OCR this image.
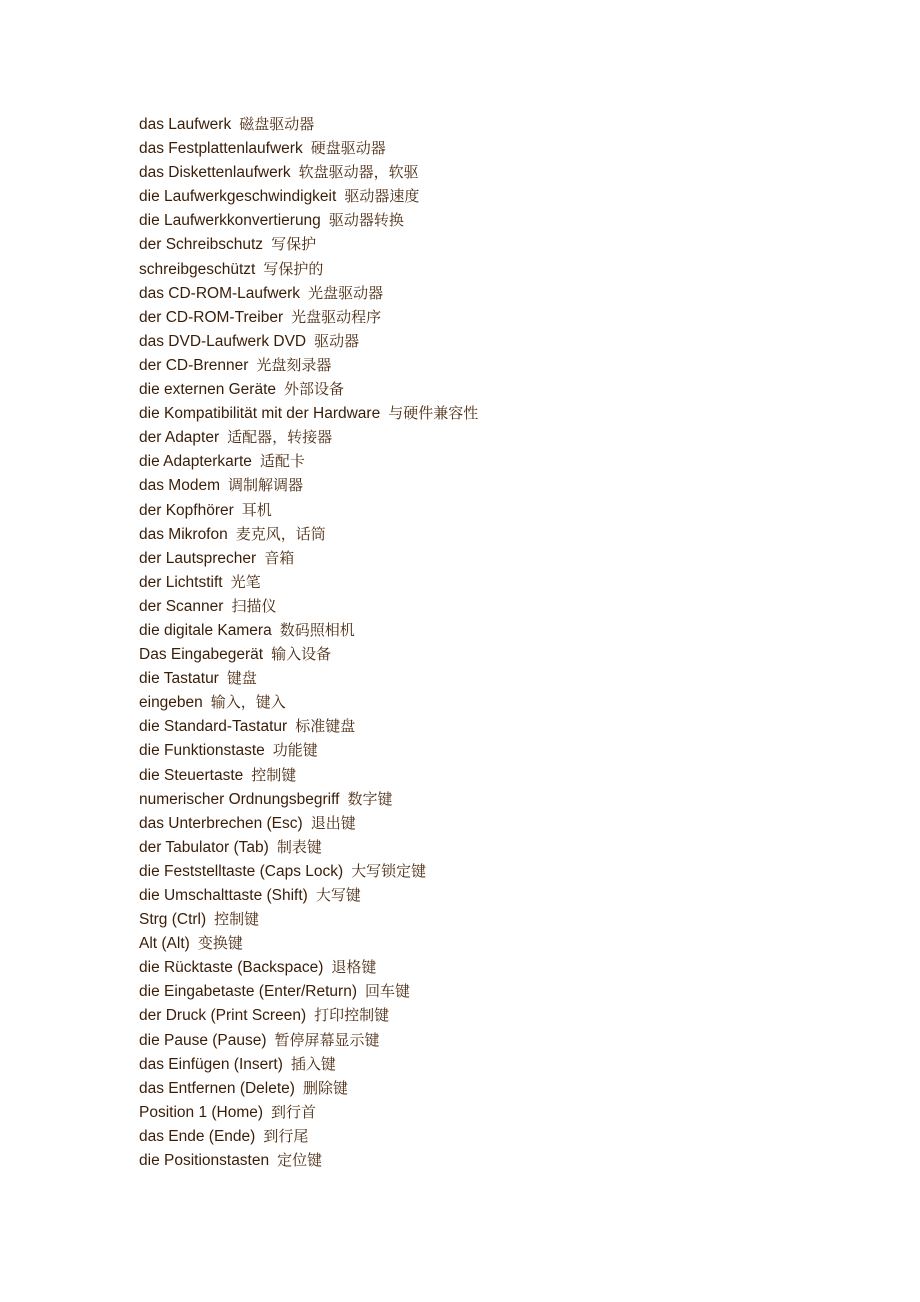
das Laufwerk 磁盘驱动器
das Festplattenlaufwerk 硬盘驱动器
das Diskettenlaufwerk 软盘驱动器，软驱
die Laufwerkgeschwindigkeit 驱动器速度
die Laufwerkkonvertierung 驱动器转换
der Schreibschutz 写保护
schreibgeschützt 写保护的
das CD-ROM-Laufwerk 光盘驱动器
der CD-ROM-Treiber 光盘驱动程序
das DVD-Laufwerk DVD 驱动器
der CD-Brenner 光盘刻录器
die externen Geräte 外部设备
die Kompatibilität mit der Hardware 与硬件兼容性
der Adapter 适配器，转接器
die Adapterkarte 适配卡
das Modem 调制解调器
der Kopfhörer 耳机
das Mikrofon 麦克风，话筒
der Lautsprecher 音箱
der Lichtstift 光笔
der Scanner 扫描仪
die digitale Kamera 数码照相机
Das Eingabegerät 输入设备
die Tastatur 键盘
eingeben 输入，键入
die Standard-Tastatur 标准键盘
die Funktionstaste 功能键
die Steuertaste 控制键
numerischer Ordnungsbegriff 数字键
das Unterbrechen (Esc) 退出键
der Tabulator (Tab) 制表键
die Feststelltaste (Caps Lock) 大写锁定键
die Umschalttaste (Shift) 大写键
Strg (Ctrl) 控制键
Alt (Alt) 变换键
die Rücktaste (Backspace) 退格键
die Eingabetaste (Enter/Return) 回车键
der Druck (Print Screen) 打印控制键
die Pause (Pause) 暂停屏幕显示键
das Einfügen (Insert) 插入键
das Entfernen (Delete) 删除键
Position 1 (Home) 到行首
das Ende (Ende) 到行尾
die Positionstasten 定位键
